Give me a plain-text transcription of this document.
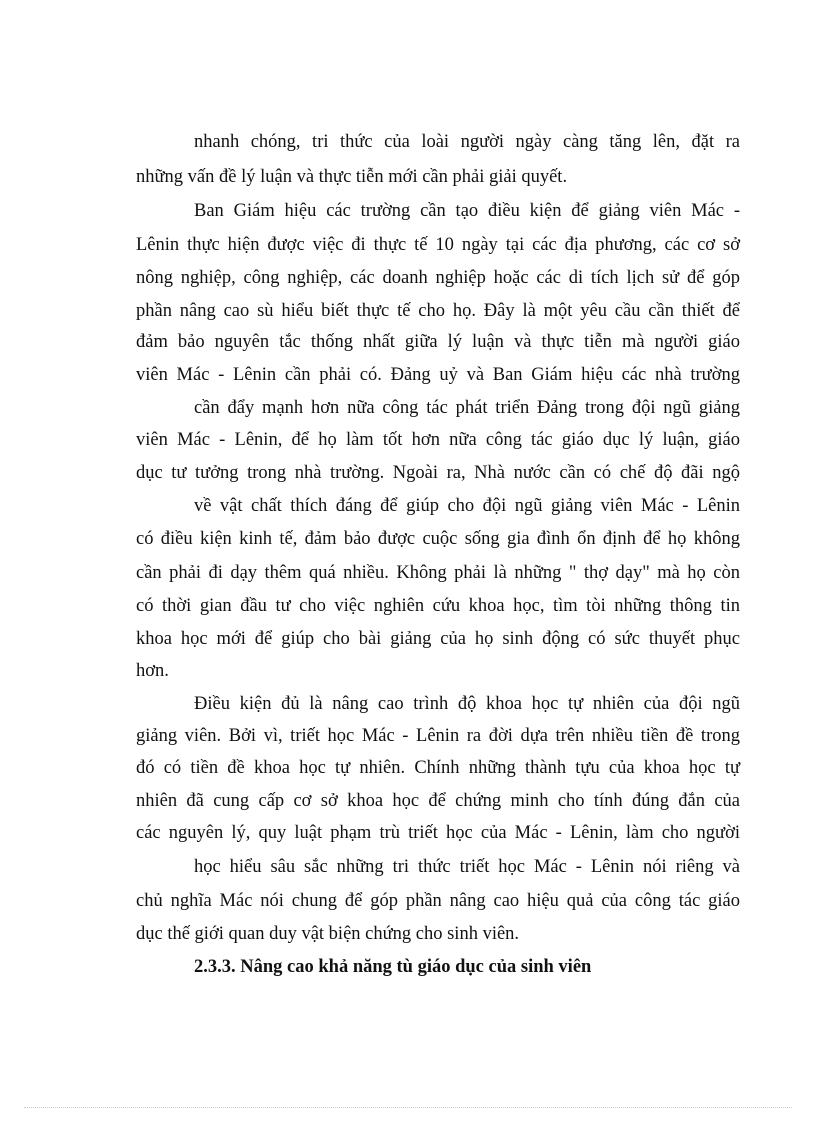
nhanh chóng, tri thức của loài người ngày càng tăng lên, đặt ra
những vấn đề lý luận và thực tiễn mới cần phải giải quyết.
Ban Giám hiệu các trường cần tạo điều kiện để giảng viên Mác -
Lênin thực hiện được việc đi thực tế 10 ngày tại các địa phương, các cơ sở
nông nghiệp, công nghiệp, các doanh nghiệp hoặc các di tích lịch sử để góp
phần nâng cao sù hiểu biết thực tế cho họ. Đây là một yêu cầu cần thiết để
đảm bảo nguyên tắc thống nhất giữa lý luận và thực tiễn mà người giáo
viên Mác - Lênin cần phải có. Đảng uỷ và Ban Giám hiệu các nhà trường
cần đẩy mạnh hơn nữa công tác phát triển Đảng trong đội ngũ giảng
viên Mác - Lênin, để họ làm tốt hơn nữa công tác giáo dục lý luận, giáo
dục tư tưởng trong nhà trường. Ngoài ra, Nhà nước cần có chế độ đãi ngộ
về vật chất thích đáng để giúp cho đội ngũ giảng viên Mác - Lênin
có điều kiện kinh tế, đảm bảo được cuộc sống gia đình ổn định để họ không
cần phải đi dạy thêm quá nhiều. Không phải là những " thợ dạy" mà họ còn
có thời gian đầu tư cho việc nghiên cứu khoa học, tìm tòi những thông tin
khoa học mới để giúp cho bài giảng của họ sinh động có sức thuyết phục
hơn.
Điều kiện đủ là nâng cao trình độ khoa học tự nhiên của đội ngũ
giảng viên. Bởi vì, triết học Mác - Lênin ra đời dựa trên nhiều tiền đề trong
đó có tiền đề khoa học tự nhiên. Chính những thành tựu của khoa học tự
nhiên đã cung cấp cơ sở khoa học để chứng minh cho tính đúng đắn của
các nguyên lý, quy luật phạm trù triết học của Mác - Lênin, làm cho người
học hiểu sâu sắc những tri thức triết học Mác - Lênin nói riêng và
chủ nghĩa Mác nói chung để góp phần nâng cao hiệu quả của công tác giáo
dục thế giới quan duy vật biện chứng cho sinh viên.
2.3.3. Nâng cao khả năng tù giáo dục của sinh viên
